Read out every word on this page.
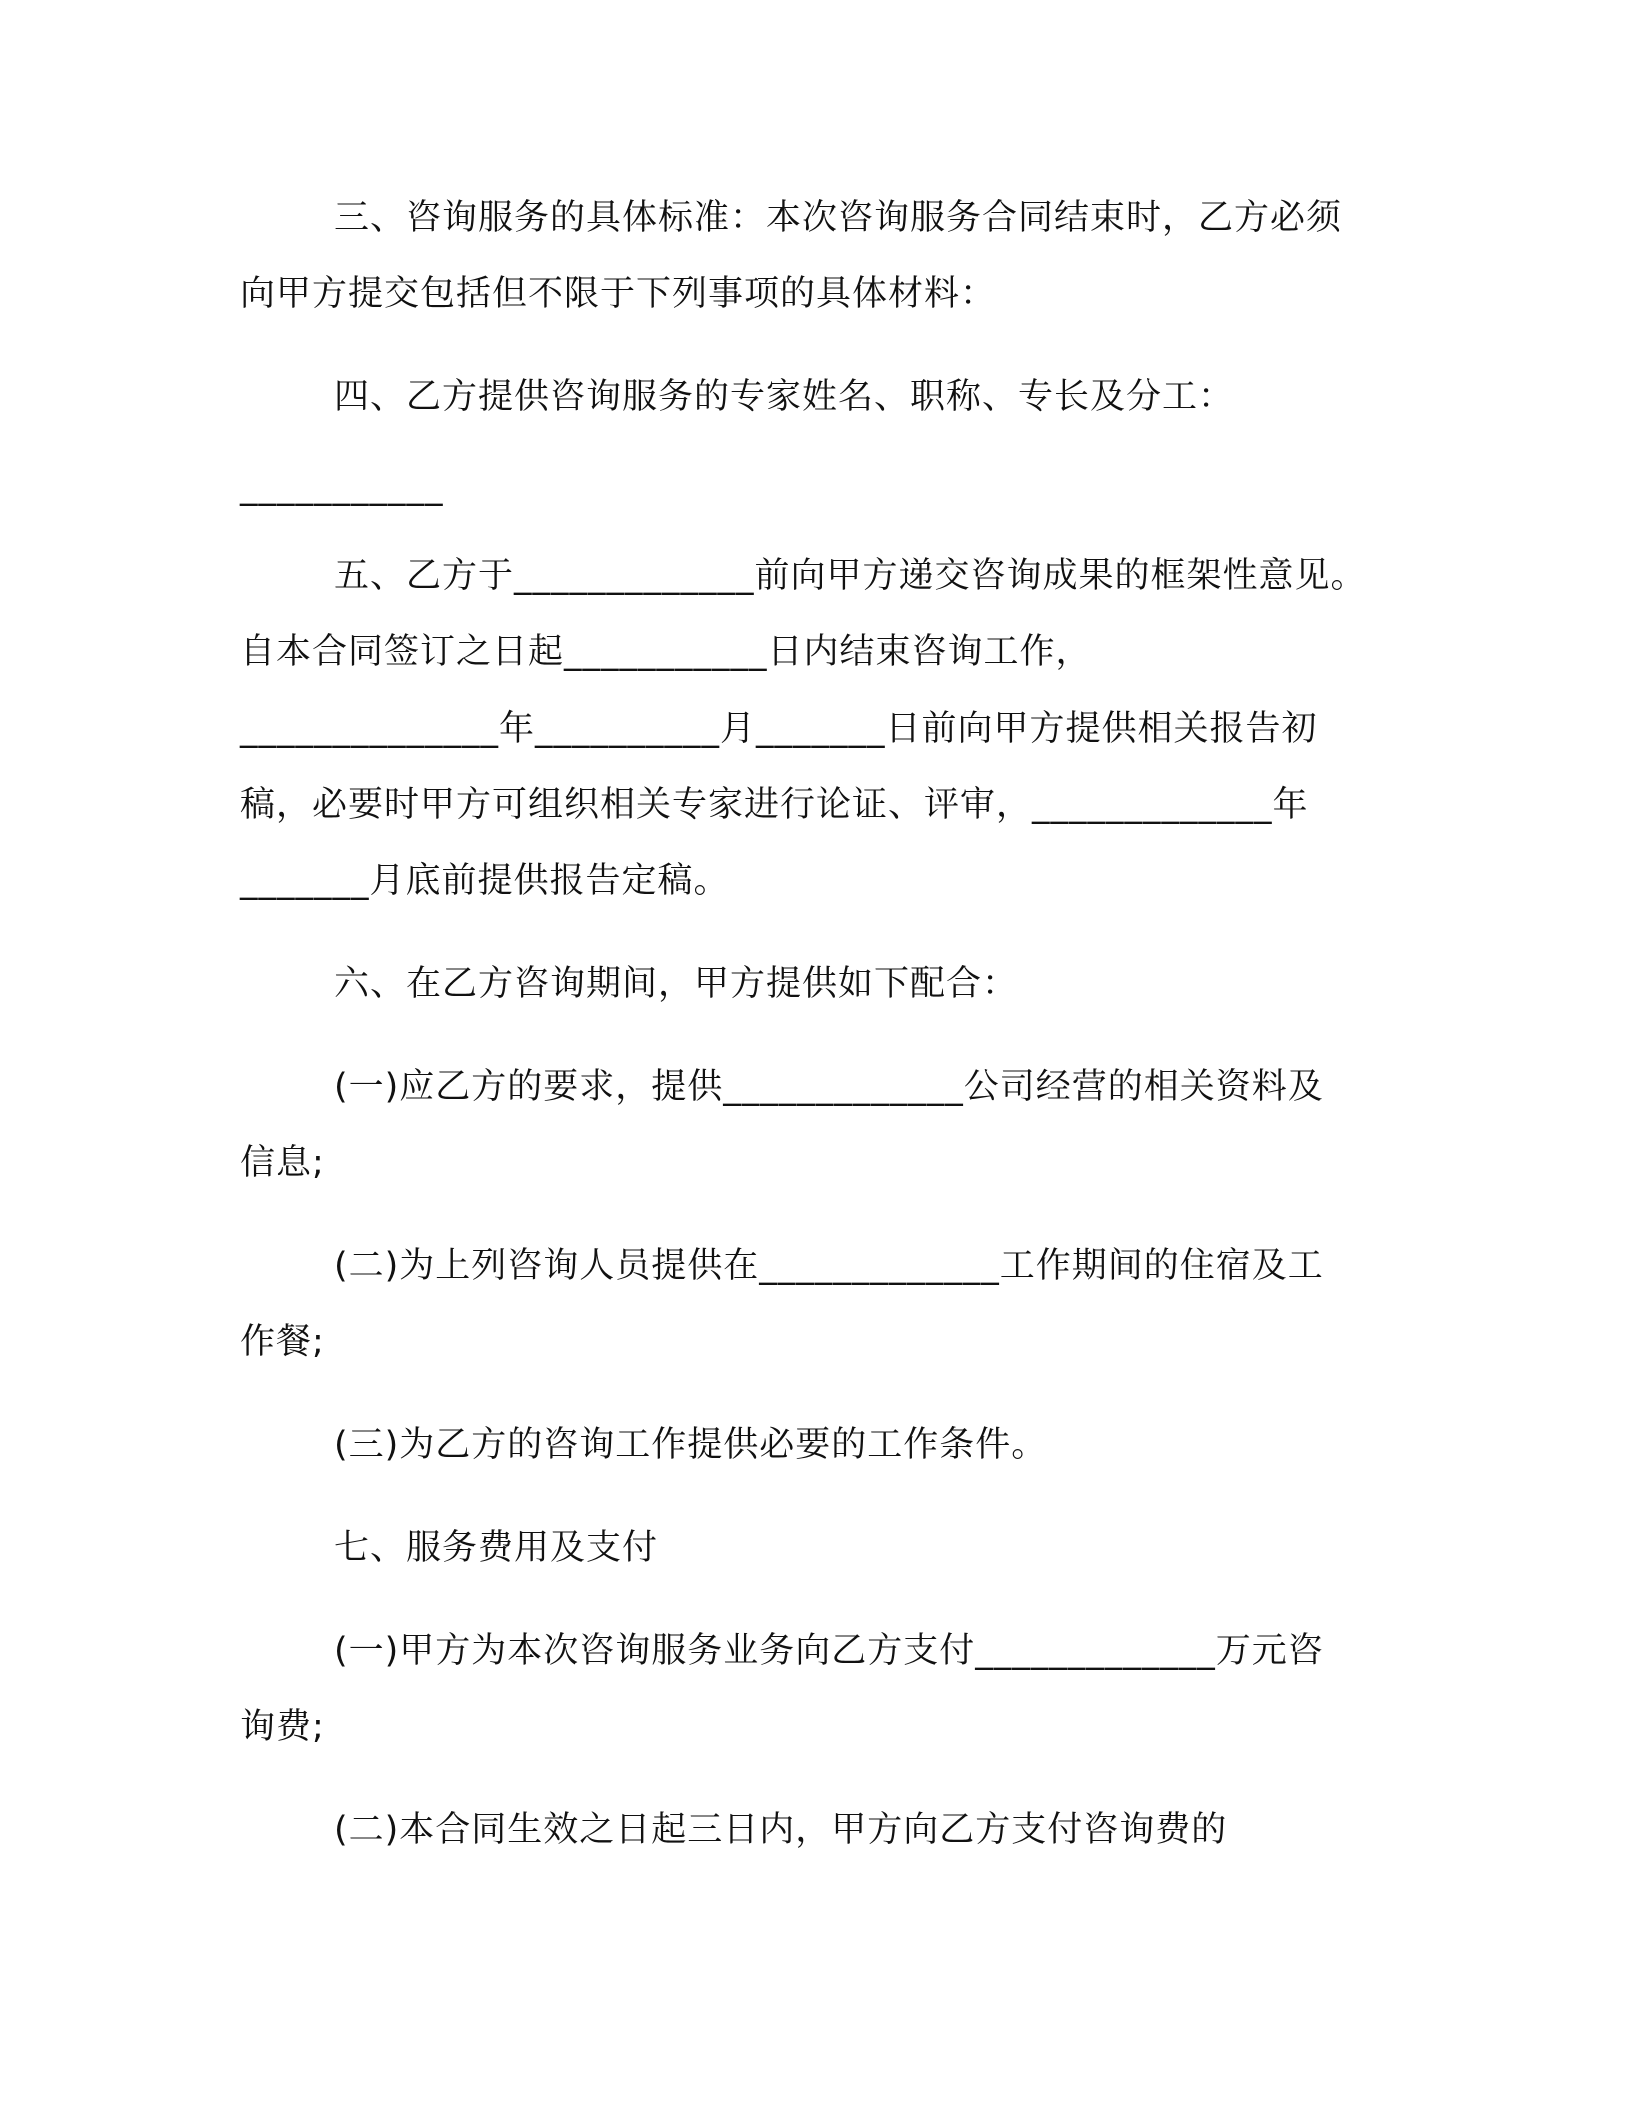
三、咨询服务的具体标准：本次咨询服务合同结束时，乙方必须
向甲方提交包括但不限于下列事项的具体材料：
四、乙方提供咨询服务的专家姓名、职称、专长及分工：
___________
五、乙方于_____________前向甲方递交咨询成果的框架性意见。
自本合同签订之日起___________日内结束咨询工作，
______________年__________月_______日前向甲方提供相关报告初
稿，必要时甲方可组织相关专家进行论证、评审，_____________年
_______月底前提供报告定稿。
六、在乙方咨询期间，甲方提供如下配合：
(一)应乙方的要求，提供_____________公司经营的相关资料及
信息;
(二)为上列咨询人员提供在_____________工作期间的住宿及工
作餐;
(三)为乙方的咨询工作提供必要的工作条件。
七、服务费用及支付
(一)甲方为本次咨询服务业务向乙方支付_____________万元咨
询费;
(二)本合同生效之日起三日内，甲方向乙方支付咨询费的
